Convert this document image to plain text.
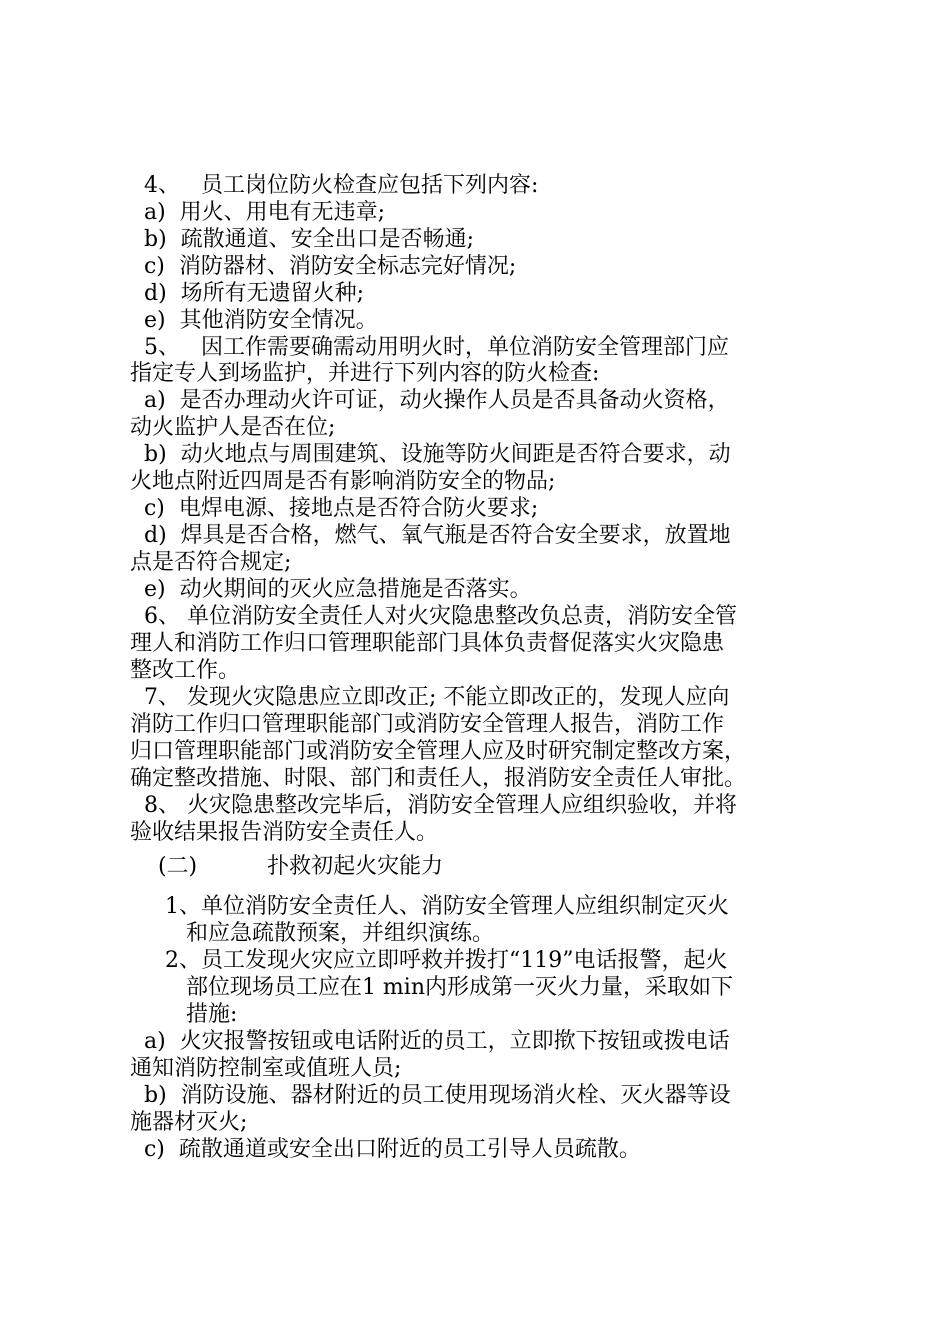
4、   员工岗位防火检查应包括下列内容:
a)  用火、用电有无违章;
b)  疏散通道、安全出口是否畅通;
c)  消防器材、消防安全标志完好情况;
d)  场所有无遗留火种;
e)  其他消防安全情况。
5、   因工作需要确需动用明火时，单位消防安全管理部门应
指定专人到场监护，并进行下列内容的防火检查:
a)  是否办理动火许可证，动火操作人员是否具备动火资格，
动火监护人是否在位;
b)  动火地点与周围建筑、设施等防火间距是否符合要求，动
火地点附近四周是否有影响消防安全的物品;
c)  电焊电源、接地点是否符合防火要求;
d)  焊具是否合格，燃气、氧气瓶是否符合安全要求，放置地
点是否符合规定;
e)  动火期间的灭火应急措施是否落实。
6、 单位消防安全责任人对火灾隐患整改负总责，消防安全管
理人和消防工作归口管理职能部门具体负责督促落实火灾隐患
整改工作。
7、 发现火灾隐患应立即改正; 不能立即改正的，发现人应向
消防工作归口管理职能部门或消防安全管理人报告，消防工作
归口管理职能部门或消防安全管理人应及时研究制定整改方案，
确定整改措施、时限、部门和责任人，报消防安全责任人审批。
8、 火灾隐患整改完毕后，消防安全管理人应组织验收，并将
验收结果报告消防安全责任人。
(二)          扑救初起火灾能力
1、单位消防安全责任人、消防安全管理人应组织制定灭火
和应急疏散预案，并组织演练。
2、员工发现火灾应立即呼救并拨打“119”电话报警，起火
部位现场员工应在1 min内形成第一灭火力量，采取如下
措施:
a)  火灾报警按钮或电话附近的员工，立即揿下按钮或拨电话
通知消防控制室或值班人员;
b)  消防设施、器材附近的员工使用现场消火栓、灭火器等设
施器材灭火;
c)  疏散通道或安全出口附近的员工引导人员疏散。
